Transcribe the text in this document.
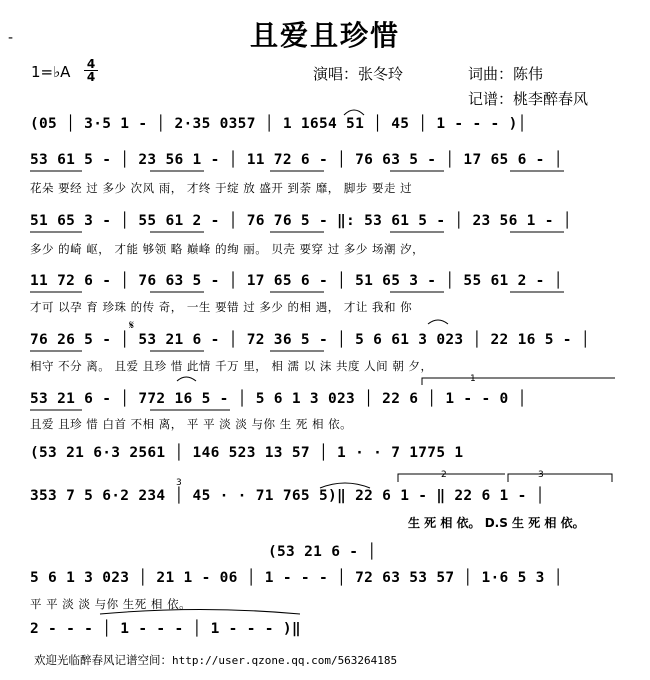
-	且爱且珍惜
1=♭A 4
4	演唱：张冬玲	词曲：陈伟
记谱：桃李醉春风
(05 │ 3·5 1 - │ 2·35 0357 │ 1 1654 51 │ 45 │ 1 - - - )│
53 61 5 - │ 23 56 1 - │ 11 72 6 - │ 76 63 5 - │ 17 65 6 - │
花朵 要经 过 多少 次风 雨， 才终 于绽 放 盛开 到荼 靡， 脚步 要走 过
51 65 3 - │ 55 61 2 - │ 76 76 5 - ‖: 53 61 5 - │ 23 56 1 - │
多少 的崎 岖， 才能 够领 略 巅峰 的绚 丽。 贝壳 要穿 过 多少 场潮 汐，
11 72 6 - │ 76 63 5 - │ 17 65 6 - │ 51 65 3 - │ 55 61 2 - │
才可 以孕 育 珍珠 的传 奇， 一生 要错 过 多少 的相 遇， 才让 我和 你
𝄋
76 26 5 - │ 53 21 6 - │ 72 36 5 - │ 5 6 61 3 023 │ 22 16 5 - │
相守 不分 离。 且爱 且珍 惜 此情 千万 里， 相 濡 以 沫 共度 人间 朝 夕，
1
53 21 6 - │ 772 16 5 - │ 5 6 1 3 023 │ 22 6 │ 1 - - 0 │
且爱 且珍 惜 白首 不相 离， 平 平 淡 淡 与你 生 死 相 依。
(53 21 6·3 2561 │ 146 523 13 57 │ 1 · · 7 1775 1
2	3
3
353 7 5 6·2 234 │ 45 · · 71 765 5)‖ 22 6 1 - ‖ 22 6 1 - │
生 死 相 依。 D.S 生 死 相 依。
(53 21 6 - │
5 6 1 3 023 │ 21 1 - 06 │ 1 - - - │ 72 63 53 57 │ 1·6 5 3 │
平 平 淡 淡 与你 生死 相 依。
2 - - - │ 1 - - - │ 1 - - - )‖
欢迎光临醉春风记谱空间：http://user.qzone.qq.com/563264185
